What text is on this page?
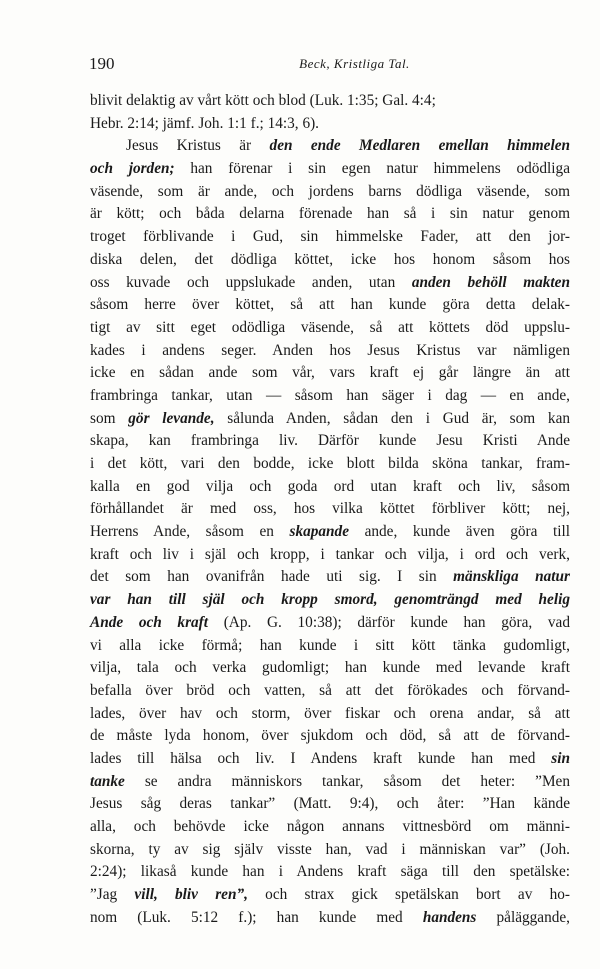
190	Beck, Kristliga Tal.
blivit delaktig av vårt kött och blod (Luk. 1:35; Gal. 4:4;
Hebr. 2:14; jämf. Joh. 1:1 f.; 14:3, 6).
Jesus Kristus är den ende Medlaren emellan himmelen
och jorden; han förenar i sin egen natur himmelens odödliga
väsende, som är ande, och jordens barns dödliga väsende, som
är kött; och båda delarna förenade han så i sin natur genom
troget förblivande i Gud, sin himmelske Fader, att den jor-
diska delen, det dödliga köttet, icke hos honom såsom hos
oss kuvade och uppslukade anden, utan anden behöll makten
såsom herre över köttet, så att han kunde göra detta delak-
tigt av sitt eget odödliga väsende, så att köttets död uppslu-
kades i andens seger. Anden hos Jesus Kristus var nämligen
icke en sådan ande som vår, vars kraft ej går längre än att
frambringa tankar, utan — såsom han säger i dag — en ande,
som gör levande, sålunda Anden, sådan den i Gud är, som kan
skapa, kan frambringa liv. Därför kunde Jesu Kristi Ande
i det kött, vari den bodde, icke blott bilda sköna tankar, fram-
kalla en god vilja och goda ord utan kraft och liv, såsom
förhållandet är med oss, hos vilka köttet förbliver kött; nej,
Herrens Ande, såsom en skapande ande, kunde även göra till
kraft och liv i själ och kropp, i tankar och vilja, i ord och verk,
det som han ovanifrån hade uti sig. I sin mänskliga natur
var han till själ och kropp smord, genomträngd med helig
Ande och kraft (Ap. G. 10:38); därför kunde han göra, vad
vi alla icke förmå; han kunde i sitt kött tänka gudomligt,
vilja, tala och verka gudomligt; han kunde med levande kraft
befalla över bröd och vatten, så att det förökades och förvand-
lades, över hav och storm, över fiskar och orena andar, så att
de måste lyda honom, över sjukdom och död, så att de förvand-
lades till hälsa och liv. I Andens kraft kunde han med sin
tanke se andra människors tankar, såsom det heter: ”Men
Jesus såg deras tankar” (Matt. 9:4), och åter: ”Han kände
alla, och behövde icke någon annans vittnesbörd om männi-
skorna, ty av sig själv visste han, vad i människan var” (Joh.
2:24); likaså kunde han i Andens kraft säga till den spetälske:
”Jag vill, bliv ren”, och strax gick spetälskan bort av ho-
nom (Luk. 5:12 f.); han kunde med handens påläggande,
